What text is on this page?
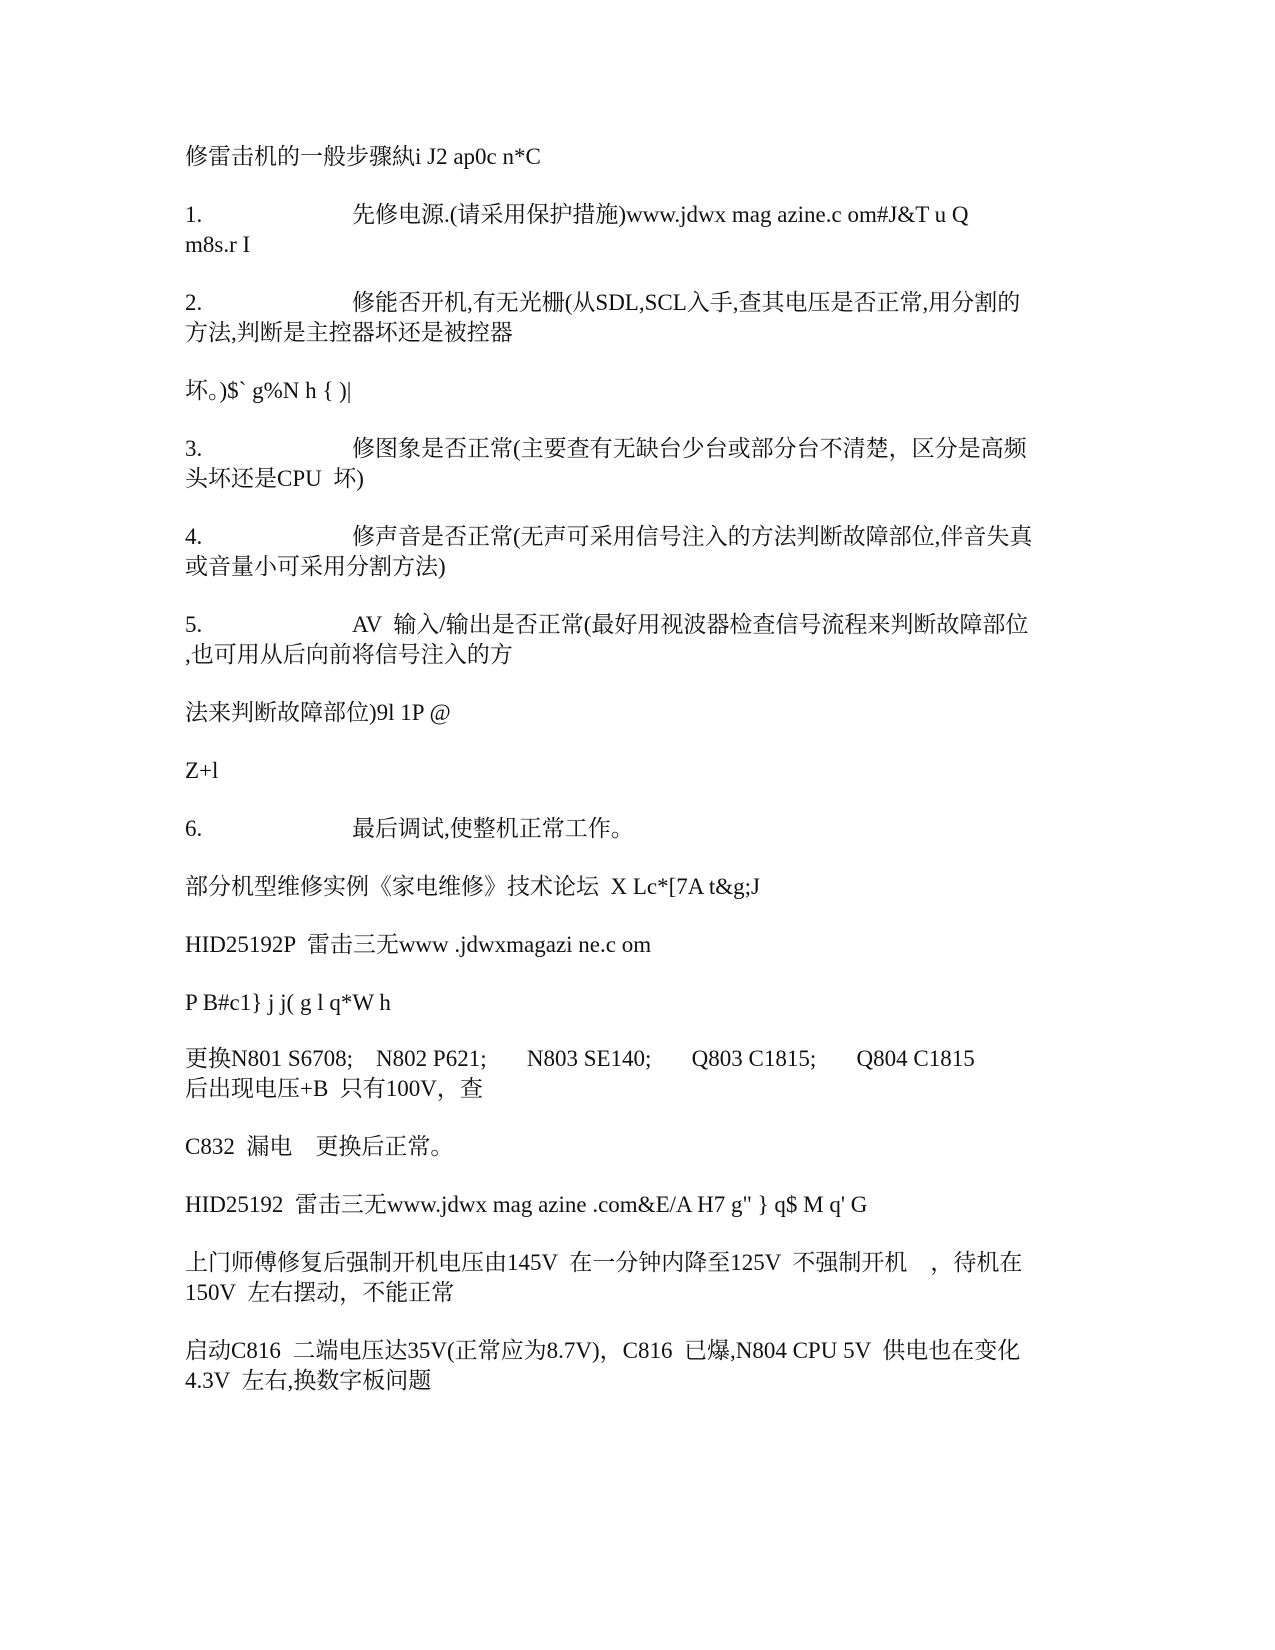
修雷击机的一般步骤紈i J2 ap0c n*C
1.	先修电源.(请采用保护措施)www.jdwx mag azine.c om#J&T u Q
m8s.r I
2.	修能否开机,有无光栅(从SDL,SCL入手,查其电压是否正常,用分割的
方法,判断是主控器坏还是被控器
坏。)$` g%N h { )|
3.	修图象是否正常(主要查有无缺台少台或部分台不清楚，区分是高频
头坏还是CPU  坏)
4.	修声音是否正常(无声可采用信号注入的方法判断故障部位,伴音失真
或音量小可采用分割方法)
5.	AV  输入/输出是否正常(最好用视波器检查信号流程来判断故障部位
,也可用从后向前将信号注入的方
法来判断故障部位)9l 1P @
Z+l
6.	最后调试,使整机正常工作。
部分机型维修实例《家电维修》技术论坛  X Lc*[7A t&g;J
HID25192P  雷击三无www .jdwxmagazi ne.c om
P B#c1} j j( g l q*W h
更换N801 S6708;    N802 P621;       N803 SE140;       Q803 C1815;       Q804 C1815
后出现电压+B  只有100V，查
C832  漏电    更换后正常。
HID25192  雷击三无www.jdwx mag azine .com&E/A H7 g" } q$ M q' G
上门师傅修复后强制开机电压由145V  在一分钟内降至125V  不强制开机    ，待机在
150V  左右摆动，不能正常
启动C816  二端电压达35V(正常应为8.7V)，C816  已爆,N804 CPU 5V  供电也在变化
4.3V  左右,换数字板问题
